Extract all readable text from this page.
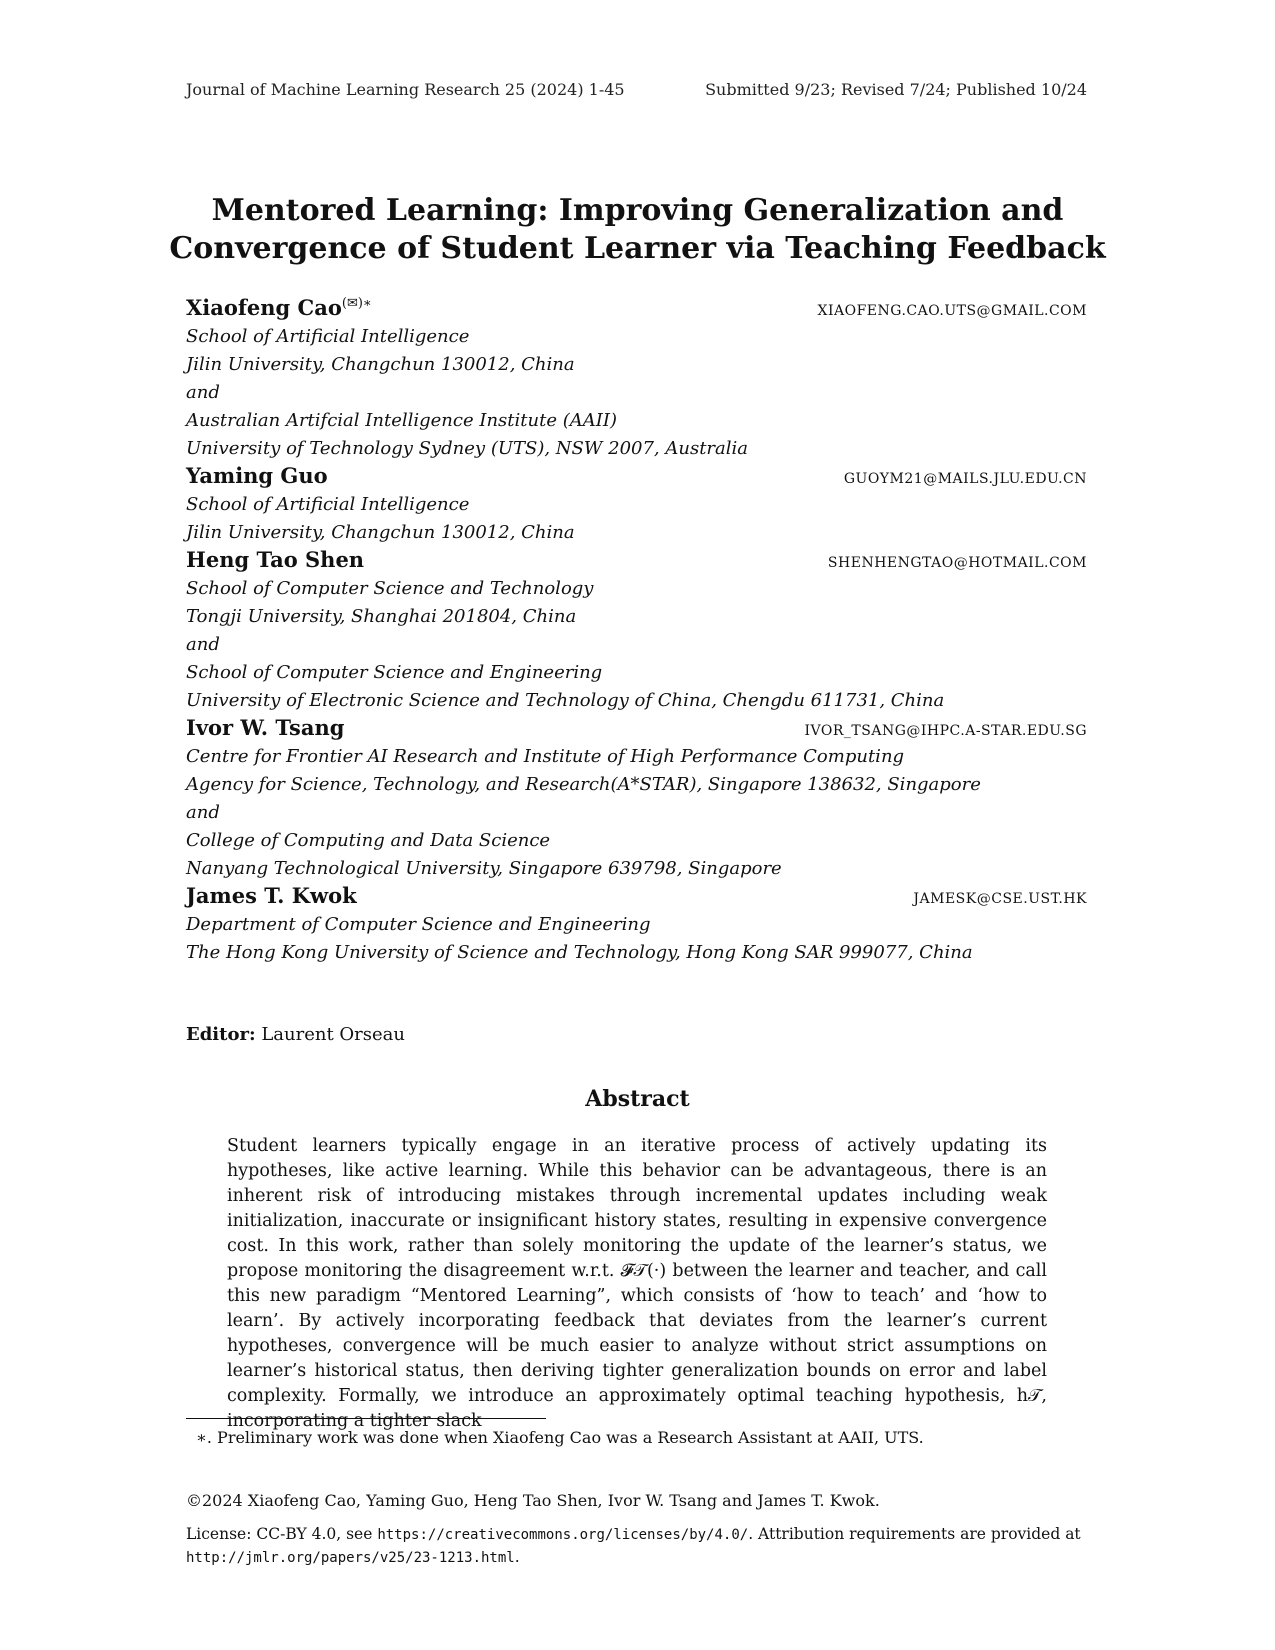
Journal of Machine Learning Research 25 (2024) 1-45	Submitted 9/23; Revised 7/24; Published 10/24
Mentored Learning: Improving Generalization and
Convergence of Student Learner via Teaching Feedback
Xiaofeng Cao(✉)∗	XIAOFENG.CAO.UTS@GMAIL.COM
School of Artificial Intelligence
Jilin University, Changchun 130012, China
and
Australian Artifcial Intelligence Institute (AAII)
University of Technology Sydney (UTS), NSW 2007, Australia
Yaming Guo	GUOYM21@MAILS.JLU.EDU.CN
School of Artificial Intelligence
Jilin University, Changchun 130012, China
Heng Tao Shen	SHENHENGTAO@HOTMAIL.COM
School of Computer Science and Technology
Tongji University, Shanghai 201804, China
and
School of Computer Science and Engineering
University of Electronic Science and Technology of China, Chengdu 611731, China
Ivor W. Tsang	IVOR_TSANG@IHPC.A-STAR.EDU.SG
Centre for Frontier AI Research and Institute of High Performance Computing
Agency for Science, Technology, and Research(A*STAR), Singapore 138632, Singapore
and
College of Computing and Data Science
Nanyang Technological University, Singapore 639798, Singapore
James T. Kwok	JAMESK@CSE.UST.HK
Department of Computer Science and Engineering
The Hong Kong University of Science and Technology, Hong Kong SAR 999077, China
Editor: Laurent Orseau
Abstract
Student learners typically engage in an iterative process of actively updating its hypotheses, like active learning. While this behavior can be advantageous, there is an inherent risk of introducing mistakes through incremental updates including weak initialization, inaccurate or insignificant history states, resulting in expensive convergence cost. In this work, rather than solely monitoring the update of the learner’s status, we propose monitoring the disagreement w.r.t. 𝓕𝒯(·) between the learner and teacher, and call this new paradigm “Mentored Learning”, which consists of ‘how to teach’ and ‘how to learn’. By actively incorporating feedback that deviates from the learner’s current hypotheses, convergence will be much easier to analyze without strict assumptions on learner’s historical status, then deriving tighter generalization bounds on error and label complexity. Formally, we introduce an approximately optimal teaching hypothesis, h𝒯, incorporating a tighter slack
∗. Preliminary work was done when Xiaofeng Cao was a Research Assistant at AAII, UTS.
©2024 Xiaofeng Cao, Yaming Guo, Heng Tao Shen, Ivor W. Tsang and James T. Kwok.
License: CC-BY 4.0, see https://creativecommons.org/licenses/by/4.0/. Attribution requirements are provided at http://jmlr.org/papers/v25/23-1213.html.
